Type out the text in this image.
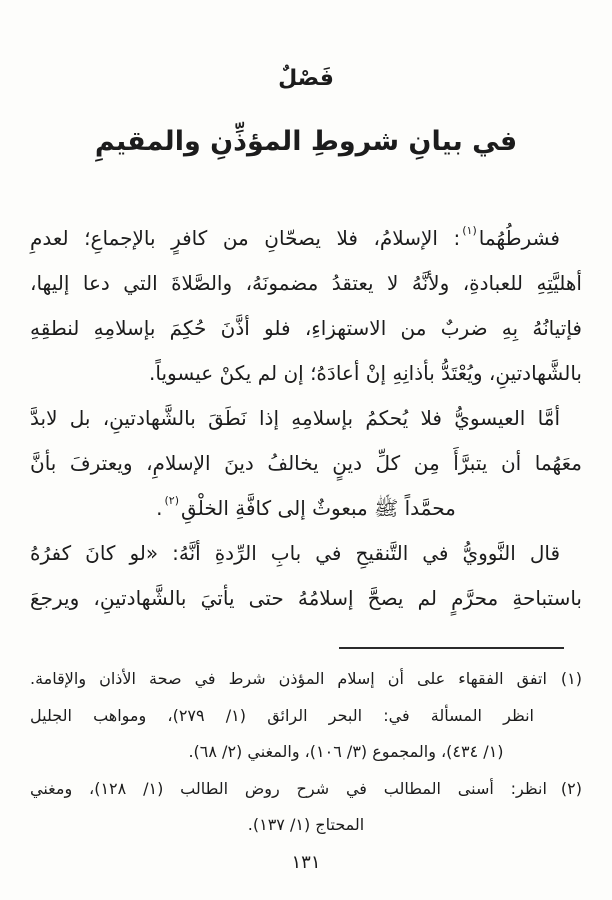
فَصْلٌ
في بيانِ شروطِ المؤذِّنِ والمقيمِ
فشرطُهُما$^{(١)}$: الإسلامُ، فلا يصحّانِ من كافرٍ بالإجماعِ؛ لعدمِ
أهليَّتِهِ للعبادةِ، ولأنَّهُ لا يعتقدُ مضمونَهُ، والصَّلاةَ التي دعا إليها،
فإتيانُهُ بِهِ ضربٌ من الاستهزاءِ، فلو أذَّنَ حُكِمَ بإسلامِهِ لنطقِهِ
بالشَّهادتينِ، ويُعْتَدُّ بأذانِهِ إنْ أعادَهُ؛ إن لم يكنْ عيسوياً.
أمَّا العيسويُّ فلا يُحكمُ بإسلامِهِ إذا نَطَقَ بالشَّهادتينِ، بل لابدَّ
معَهُما أن يتبرَّأَ مِن كلِّ دينٍ يخالفُ دينَ الإسلامِ، ويعترفَ بأنَّ
محمَّداً ﷺ مبعوثٌ إلى كافَّةِ الخلْقِ$^{(٢)}$.
قال النَّوويُّ في التَّنقيحِ في بابِ الرِّدةِ أنَّهُ: «لو كانَ كفرُهُ
باستباحةِ محرَّمٍ لم يصحَّ إسلامُهُ حتى يأتيَ بالشَّهادتينِ، ويرجعَ
(١)اتفق الفقهاء على أن إسلام المؤذن شرط في صحة الأذان والإقامة.
انظر المسألة في: البحر الرائق (١/ ٢٧٩)، ومواهب الجليل
(١/ ٤٣٤)، والمجموع (٣/ ١٠٦)، والمغني (٢/ ٦٨).
(٢)انظر: أسنى المطالب في شرح روض الطالب (١/ ١٢٨)، ومغني
المحتاج (١/ ١٣٧).
١٣١
